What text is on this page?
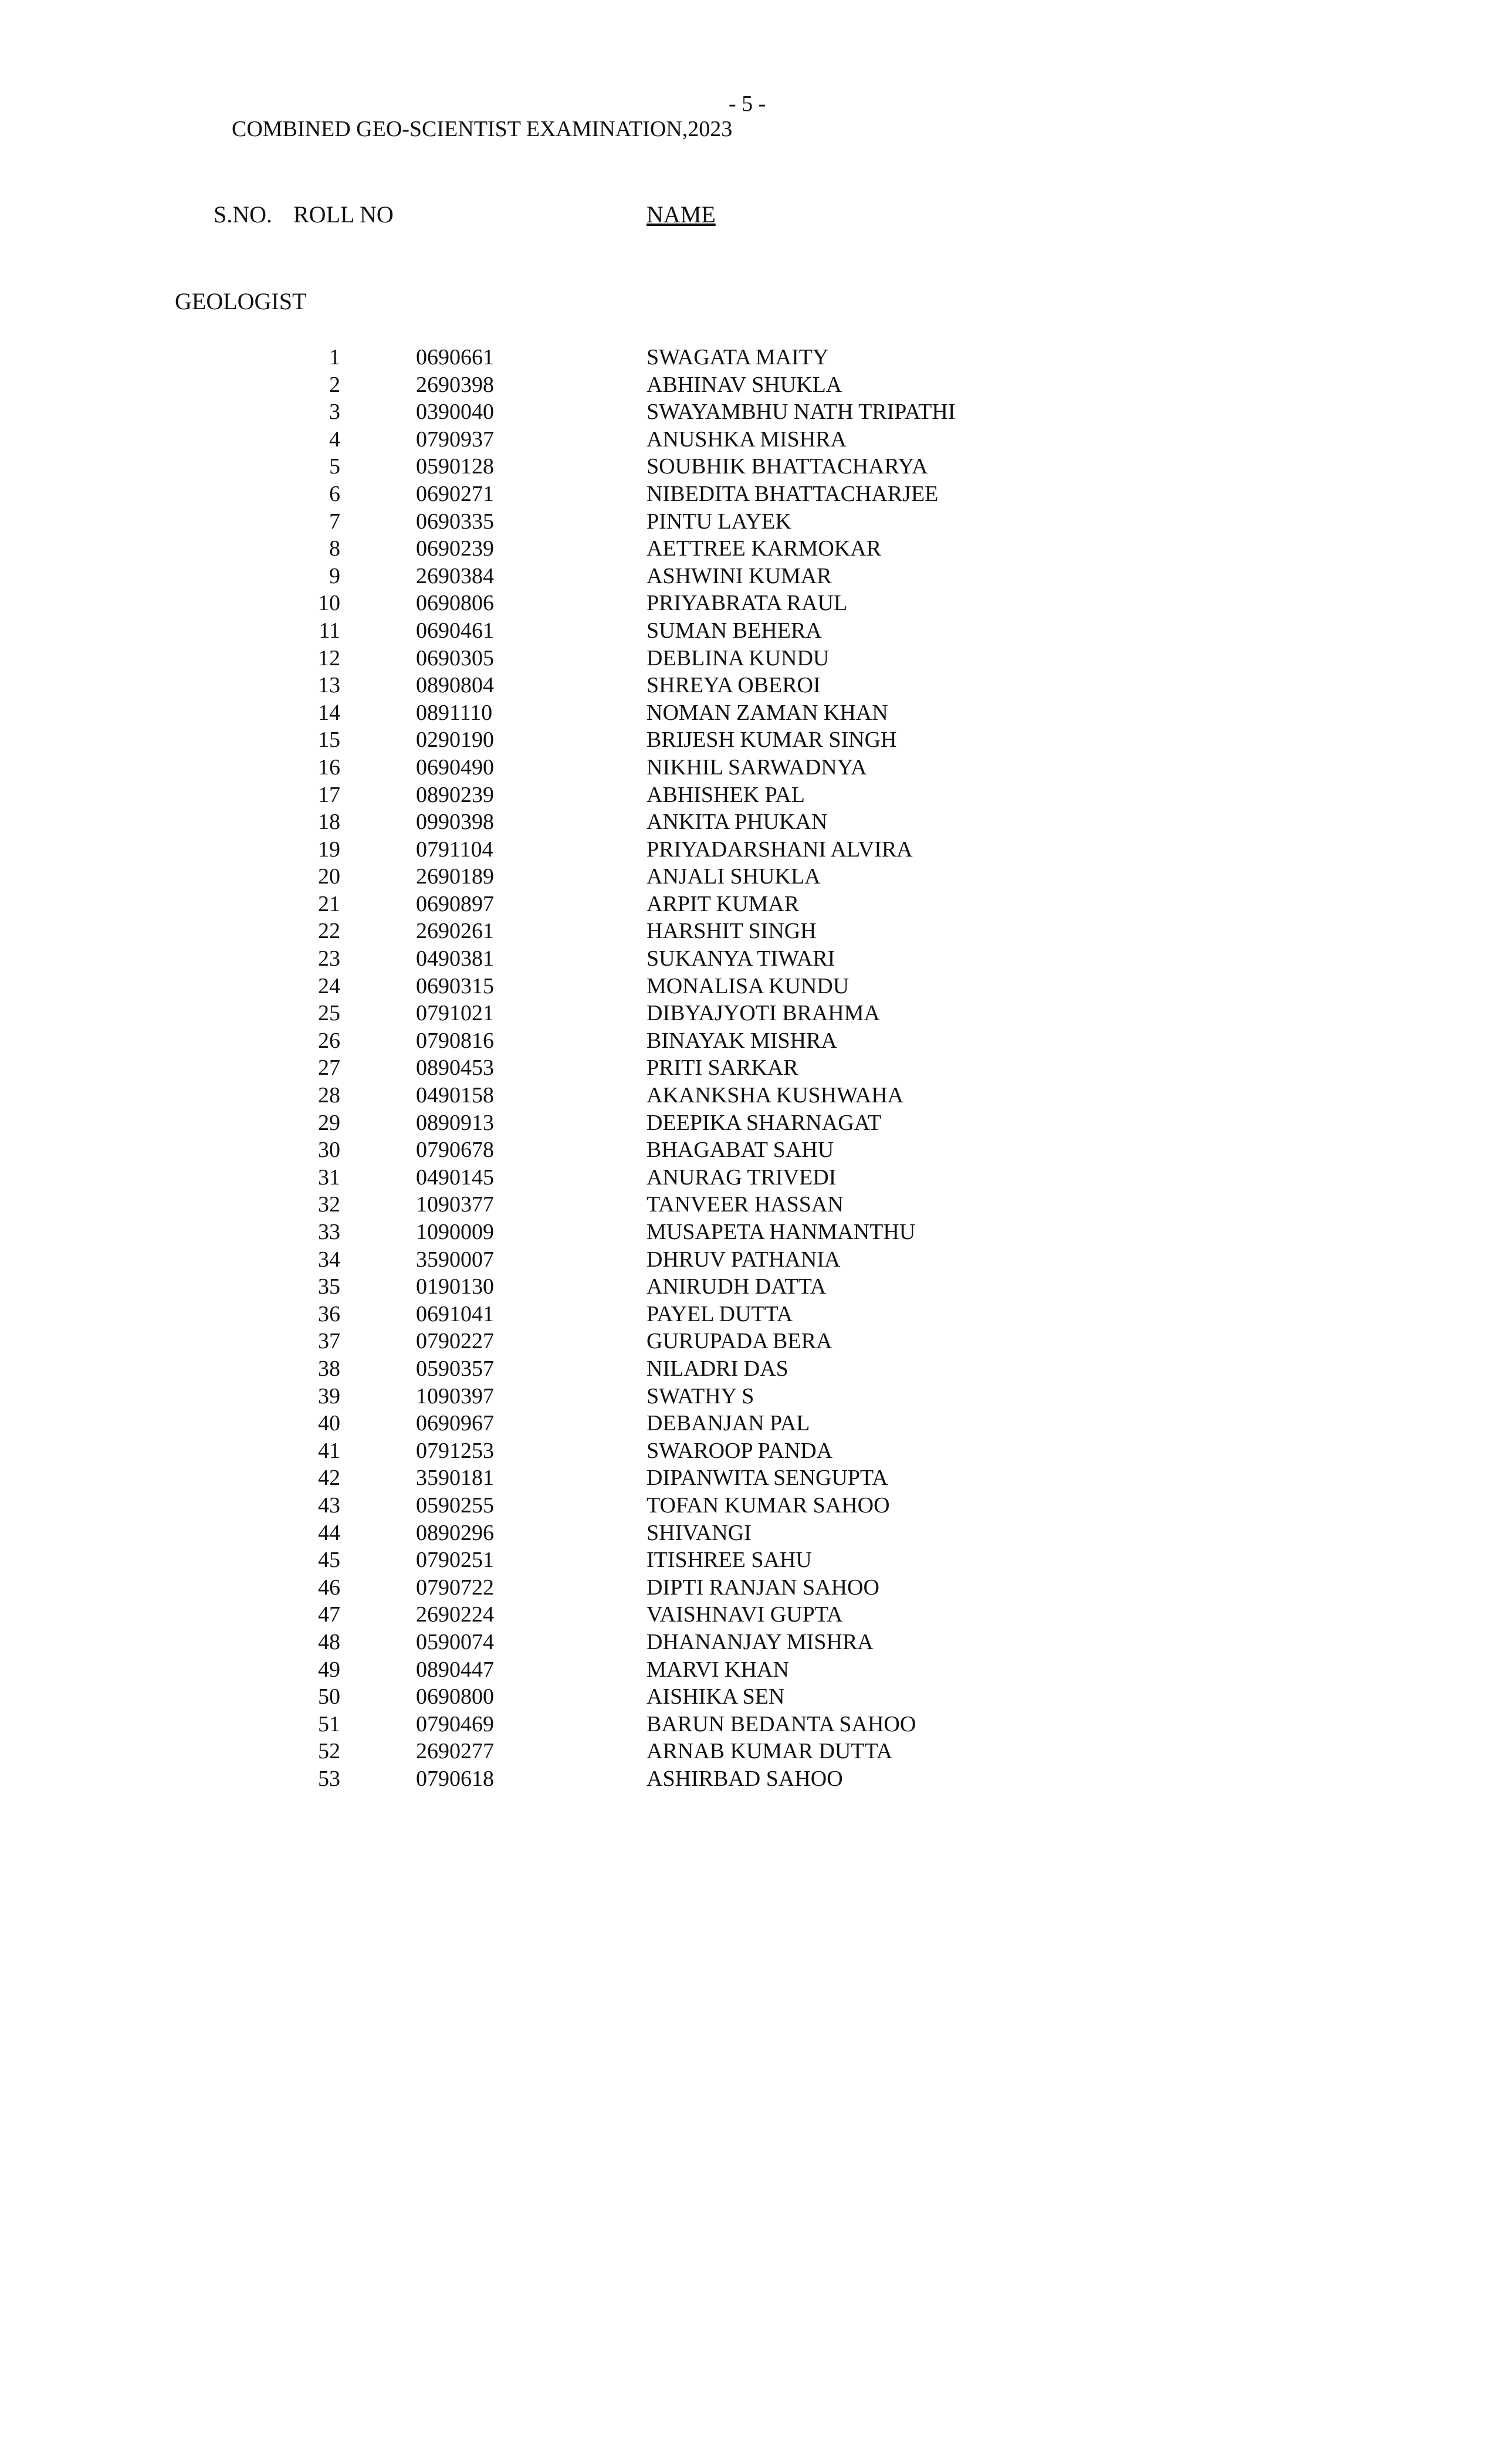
- 5 -
COMBINED GEO-SCIENTIST EXAMINATION,2023
S.NO. ROLL NO	NAME
GEOLOGIST
1	0690661	SWAGATA MAITY
2	2690398	ABHINAV SHUKLA
3	0390040	SWAYAMBHU NATH TRIPATHI
4	0790937	ANUSHKA MISHRA
5	0590128	SOUBHIK BHATTACHARYA
6	0690271	NIBEDITA BHATTACHARJEE
7	0690335	PINTU LAYEK
8	0690239	AETTREE KARMOKAR
9	2690384	ASHWINI KUMAR
10	0690806	PRIYABRATA RAUL
11	0690461	SUMAN BEHERA
12	0690305	DEBLINA KUNDU
13	0890804	SHREYA OBEROI
14	0891110	NOMAN ZAMAN KHAN
15	0290190	BRIJESH KUMAR SINGH
16	0690490	NIKHIL SARWADNYA
17	0890239	ABHISHEK PAL
18	0990398	ANKITA PHUKAN
19	0791104	PRIYADARSHANI ALVIRA
20	2690189	ANJALI SHUKLA
21	0690897	ARPIT KUMAR
22	2690261	HARSHIT SINGH
23	0490381	SUKANYA TIWARI
24	0690315	MONALISA KUNDU
25	0791021	DIBYAJYOTI BRAHMA
26	0790816	BINAYAK MISHRA
27	0890453	PRITI SARKAR
28	0490158	AKANKSHA KUSHWAHA
29	0890913	DEEPIKA SHARNAGAT
30	0790678	BHAGABAT SAHU
31	0490145	ANURAG TRIVEDI
32	1090377	TANVEER HASSAN
33	1090009	MUSAPETA HANMANTHU
34	3590007	DHRUV PATHANIA
35	0190130	ANIRUDH DATTA
36	0691041	PAYEL DUTTA
37	0790227	GURUPADA BERA
38	0590357	NILADRI DAS
39	1090397	SWATHY S
40	0690967	DEBANJAN PAL
41	0791253	SWAROOP PANDA
42	3590181	DIPANWITA SENGUPTA
43	0590255	TOFAN KUMAR SAHOO
44	0890296	SHIVANGI
45	0790251	ITISHREE SAHU
46	0790722	DIPTI RANJAN SAHOO
47	2690224	VAISHNAVI GUPTA
48	0590074	DHANANJAY MISHRA
49	0890447	MARVI KHAN
50	0690800	AISHIKA SEN
51	0790469	BARUN BEDANTA SAHOO
52	2690277	ARNAB KUMAR DUTTA
53	0790618	ASHIRBAD SAHOO
